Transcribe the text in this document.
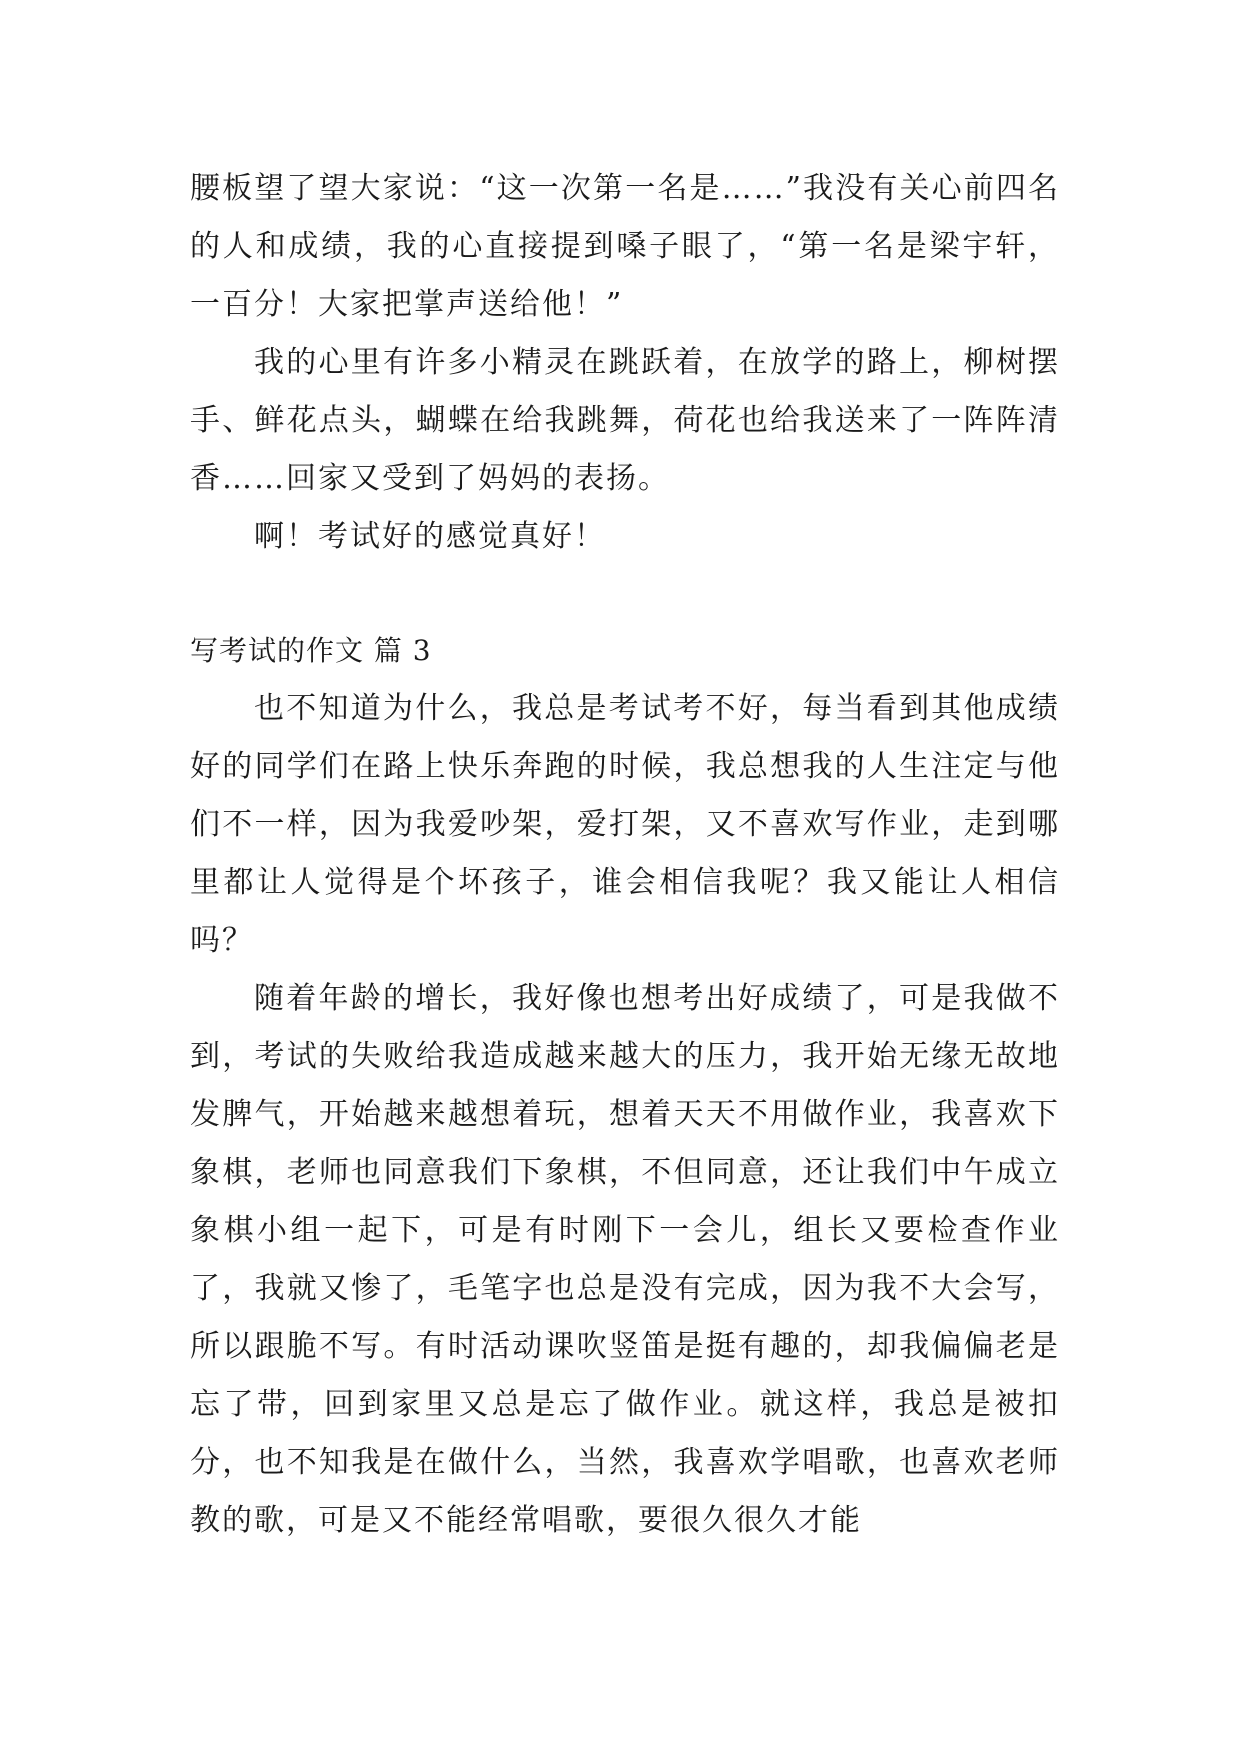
腰板望了望大家说：“这一次第一名是……”我没有关心前四名的人和成绩，我的心直接提到嗓子眼了，“第一名是梁宇轩，一百分！大家把掌声送给他！”

我的心里有许多小精灵在跳跃着，在放学的路上，柳树摆手、鲜花点头，蝴蝶在给我跳舞，荷花也给我送来了一阵阵清香……回家又受到了妈妈的表扬。

啊！考试好的感觉真好！

写考试的作文 篇 3

也不知道为什么，我总是考试考不好，每当看到其他成绩好的同学们在路上快乐奔跑的时候，我总想我的人生注定与他们不一样，因为我爱吵架，爱打架，又不喜欢写作业，走到哪里都让人觉得是个坏孩子，谁会相信我呢？我又能让人相信吗？

随着年龄的增长，我好像也想考出好成绩了，可是我做不到，考试的失败给我造成越来越大的压力，我开始无缘无故地发脾气，开始越来越想着玩，想着天天不用做作业，我喜欢下象棋，老师也同意我们下象棋，不但同意，还让我们中午成立象棋小组一起下，可是有时刚下一会儿，组长又要检查作业了，我就又惨了，毛笔字也总是没有完成，因为我不大会写，所以跟脆不写。有时活动课吹竖笛是挺有趣的，却我偏偏老是忘了带，回到家里又总是忘了做作业。就这样，我总是被扣分，也不知我是在做什么，当然，我喜欢学唱歌，也喜欢老师教的歌，可是又不能经常唱歌，要很久很久才能
